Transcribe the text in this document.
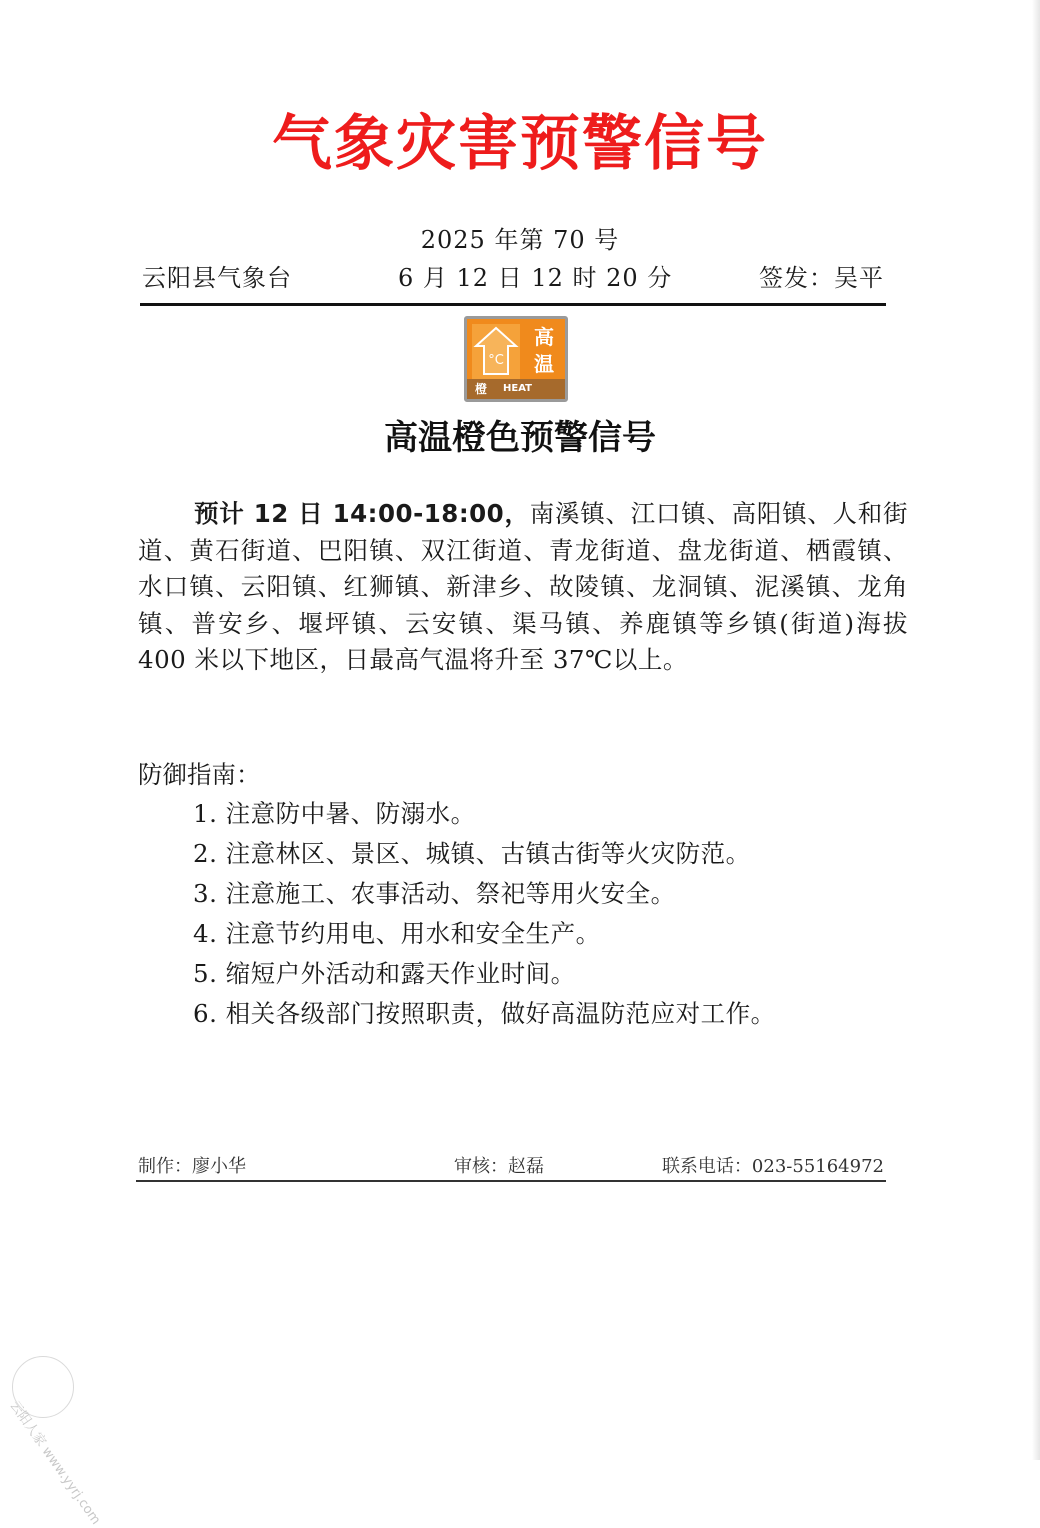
气象灾害预警信号
2025 年第 70 号
云阳县气象台	6 月 12 日 12 时 20 分	签发：吴平
°C
高
温
橙 HEAT WAVE
高温橙色预警信号

预计 12 日 14:00-18:00，南溪镇、江口镇、高阳镇、人和街道、黄石街道、巴阳镇、双江街道、青龙街道、盘龙街道、栖霞镇、水口镇、云阳镇、红狮镇、新津乡、故陵镇、龙洞镇、泥溪镇、龙角镇、普安乡、堰坪镇、云安镇、渠马镇、养鹿镇等乡镇(街道)海拔 400 米以下地区，日最高气温将升至 37℃以上。

防御指南：

1. 注意防中暑、防溺水。
2. 注意林区、景区、城镇、古镇古街等火灾防范。
3. 注意施工、农事活动、祭祀等用火安全。
4. 注意节约用电、用水和安全生产。
5. 缩短户外活动和露天作业时间。
6. 相关各级部门按照职责，做好高温防范应对工作。
制作：廖小华	审核：赵磊	联系电话：023-55164972
云阳人家 www.yyrj.com
